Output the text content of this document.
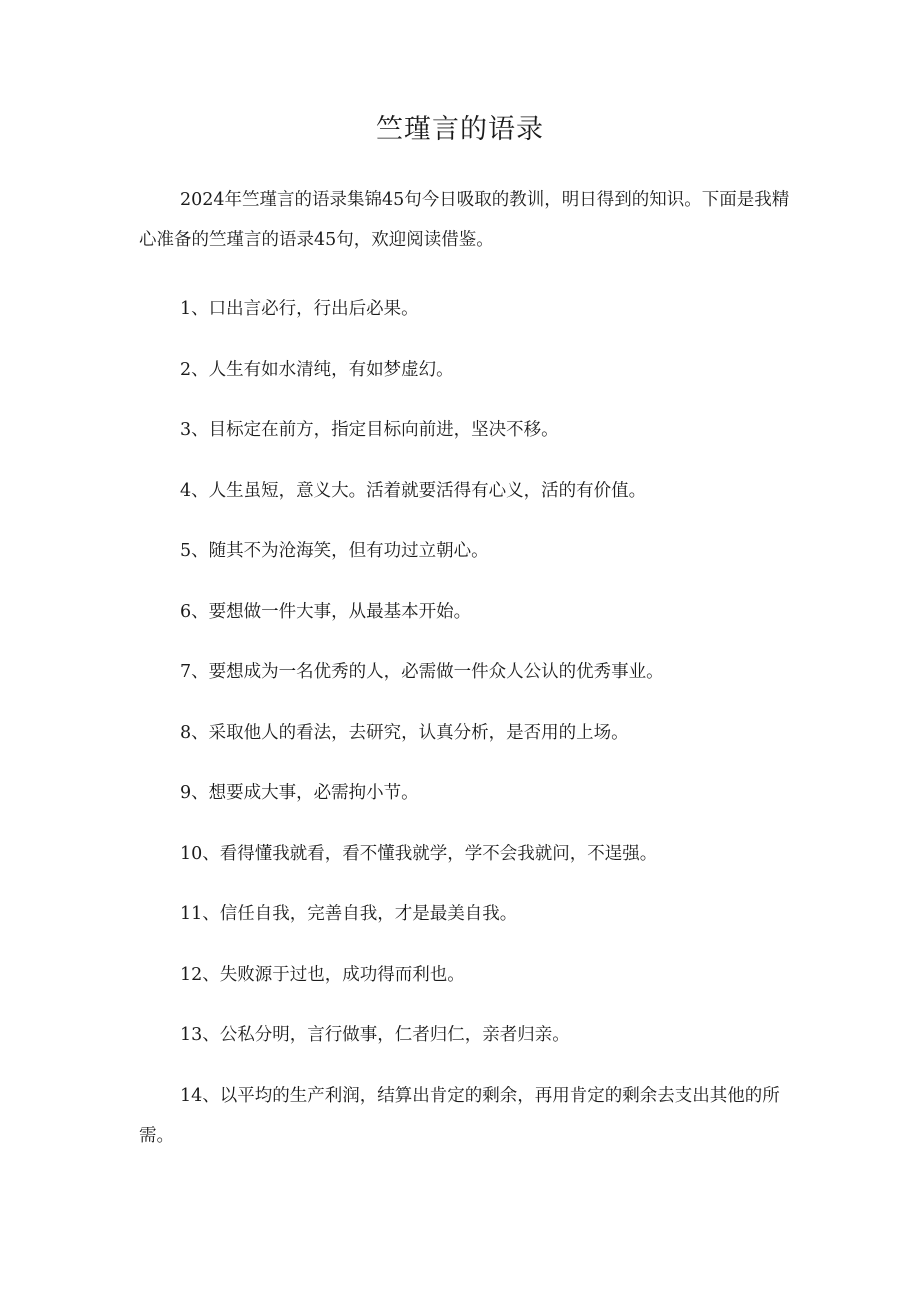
竺瑾言的语录

2024年竺瑾言的语录集锦45句今日吸取的教训，明日得到的知识。下面是我精心准备的竺瑾言的语录45句，欢迎阅读借鉴。

1、口出言必行，行出后必果。
2、人生有如水清纯，有如梦虚幻。
3、目标定在前方，指定目标向前进，坚决不移。
4、人生虽短，意义大。活着就要活得有心义，活的有价值。
5、随其不为沧海笑，但有功过立朝心。
6、要想做一件大事，从最基本开始。
7、要想成为一名优秀的人，必需做一件众人公认的优秀事业。
8、采取他人的看法，去研究，认真分析，是否用的上场。
9、想要成大事，必需拘小节。
10、看得懂我就看，看不懂我就学，学不会我就问，不逞强。
11、信任自我，完善自我，才是最美自我。
12、失败源于过也，成功得而利也。
13、公私分明，言行做事，仁者归仁，亲者归亲。
14、以平均的生产利润，结算出肯定的剩余，再用肯定的剩余去支出其他的所需。
